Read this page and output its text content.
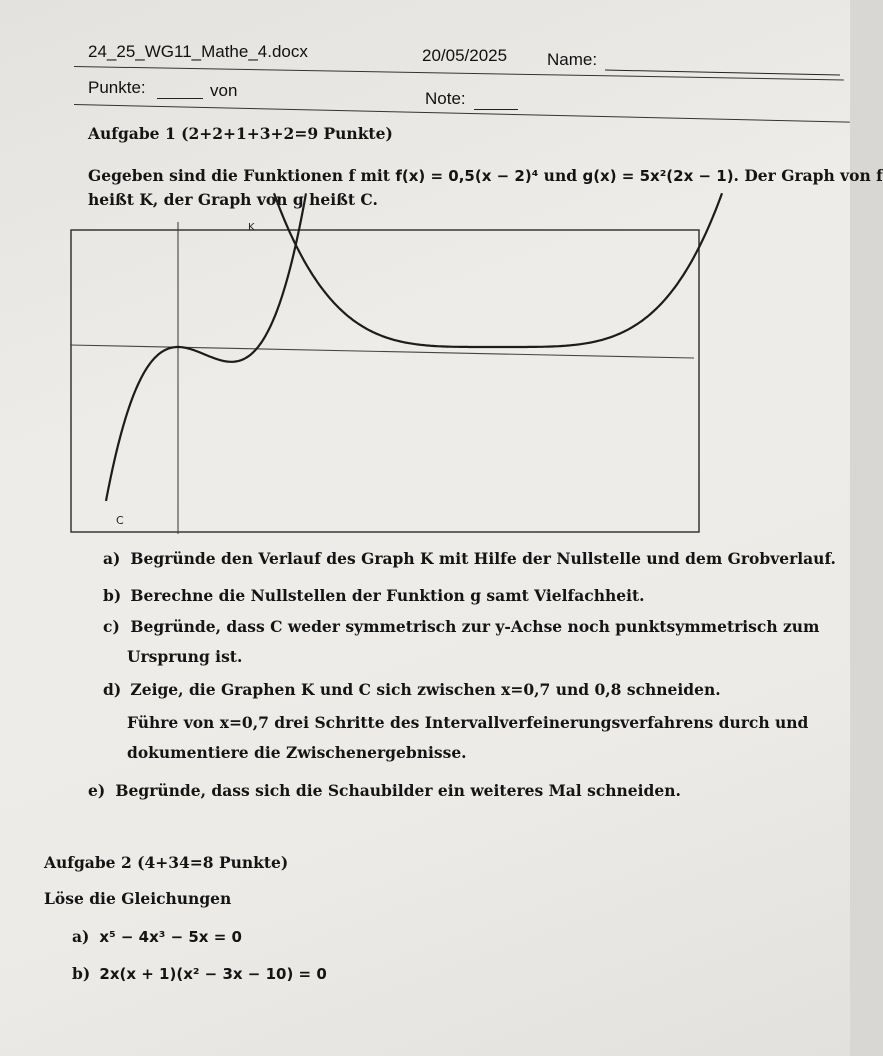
24_25_WG11_Mathe_4.docx	20/05/2025 Name:
Punkte:	von	Note:
Aufgabe 1 (2+2+1+3+2=9 Punkte)
Gegeben sind die Funktionen f mit f(x) = 0,5(x − 2)⁴ und g(x) = 5x²(2x − 1). Der Graph von f
heißt K, der Graph von g heißt C.
K
C
a) Begründe den Verlauf des Graph K mit Hilfe der Nullstelle und dem Grobverlauf.
b) Berechne die Nullstellen der Funktion g samt Vielfachheit.
c) Begründe, dass C weder symmetrisch zur y-Achse noch punktsymmetrisch zum
Ursprung ist.
d) Zeige, die Graphen K und C sich zwischen x=0,7 und 0,8 schneiden.
Führe von x=0,7 drei Schritte des Intervallverfeinerungsverfahrens durch und
dokumentiere die Zwischenergebnisse.
e) Begründe, dass sich die Schaubilder ein weiteres Mal schneiden.
Aufgabe 2 (4+34=8 Punkte)
Löse die Gleichungen
a) x⁵ − 4x³ − 5x = 0
b) 2x(x + 1)(x² − 3x − 10) = 0
